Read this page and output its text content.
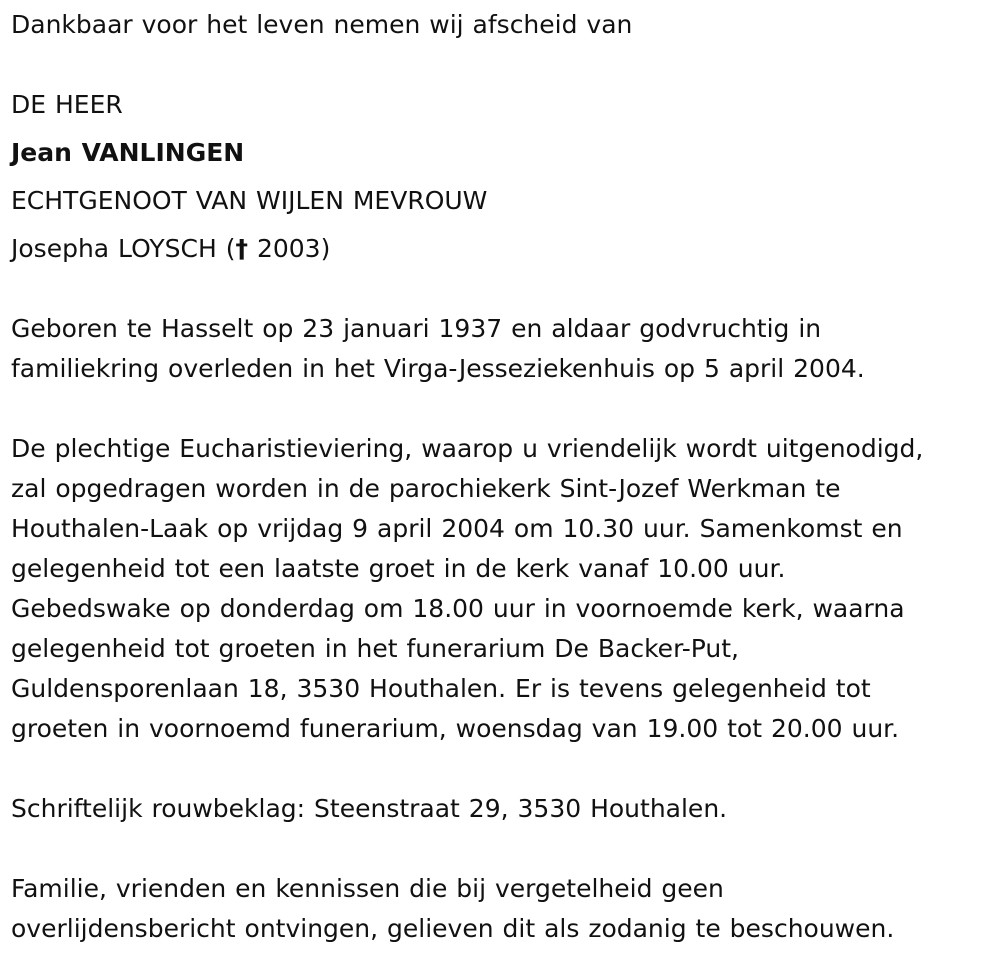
Dankbaar voor het leven nemen wij afscheid van
DE HEER
Jean VANLINGEN
ECHTGENOOT VAN WIJLEN MEVROUW
Josepha LOYSCH († 2003)
Geboren te Hasselt op 23 januari 1937 en aldaar godvruchtig in
familiekring overleden in het Virga-Jesseziekenhuis op 5 april 2004.
De plechtige Eucharistieviering, waarop u vriendelijk wordt uitgenodigd,
zal opgedragen worden in de parochiekerk Sint-Jozef Werkman te
Houthalen-Laak op vrijdag 9 april 2004 om 10.30 uur. Samenkomst en
gelegenheid tot een laatste groet in de kerk vanaf 10.00 uur.
Gebedswake op donderdag om 18.00 uur in voornoemde kerk, waarna
gelegenheid tot groeten in het funerarium De Backer-Put,
Guldensporenlaan 18, 3530 Houthalen. Er is tevens gelegenheid tot
groeten in voornoemd funerarium, woensdag van 19.00 tot 20.00 uur.
Schriftelijk rouwbeklag: Steenstraat 29, 3530 Houthalen.
Familie, vrienden en kennissen die bij vergetelheid geen
overlijdensbericht ontvingen, gelieven dit als zodanig te beschouwen.
